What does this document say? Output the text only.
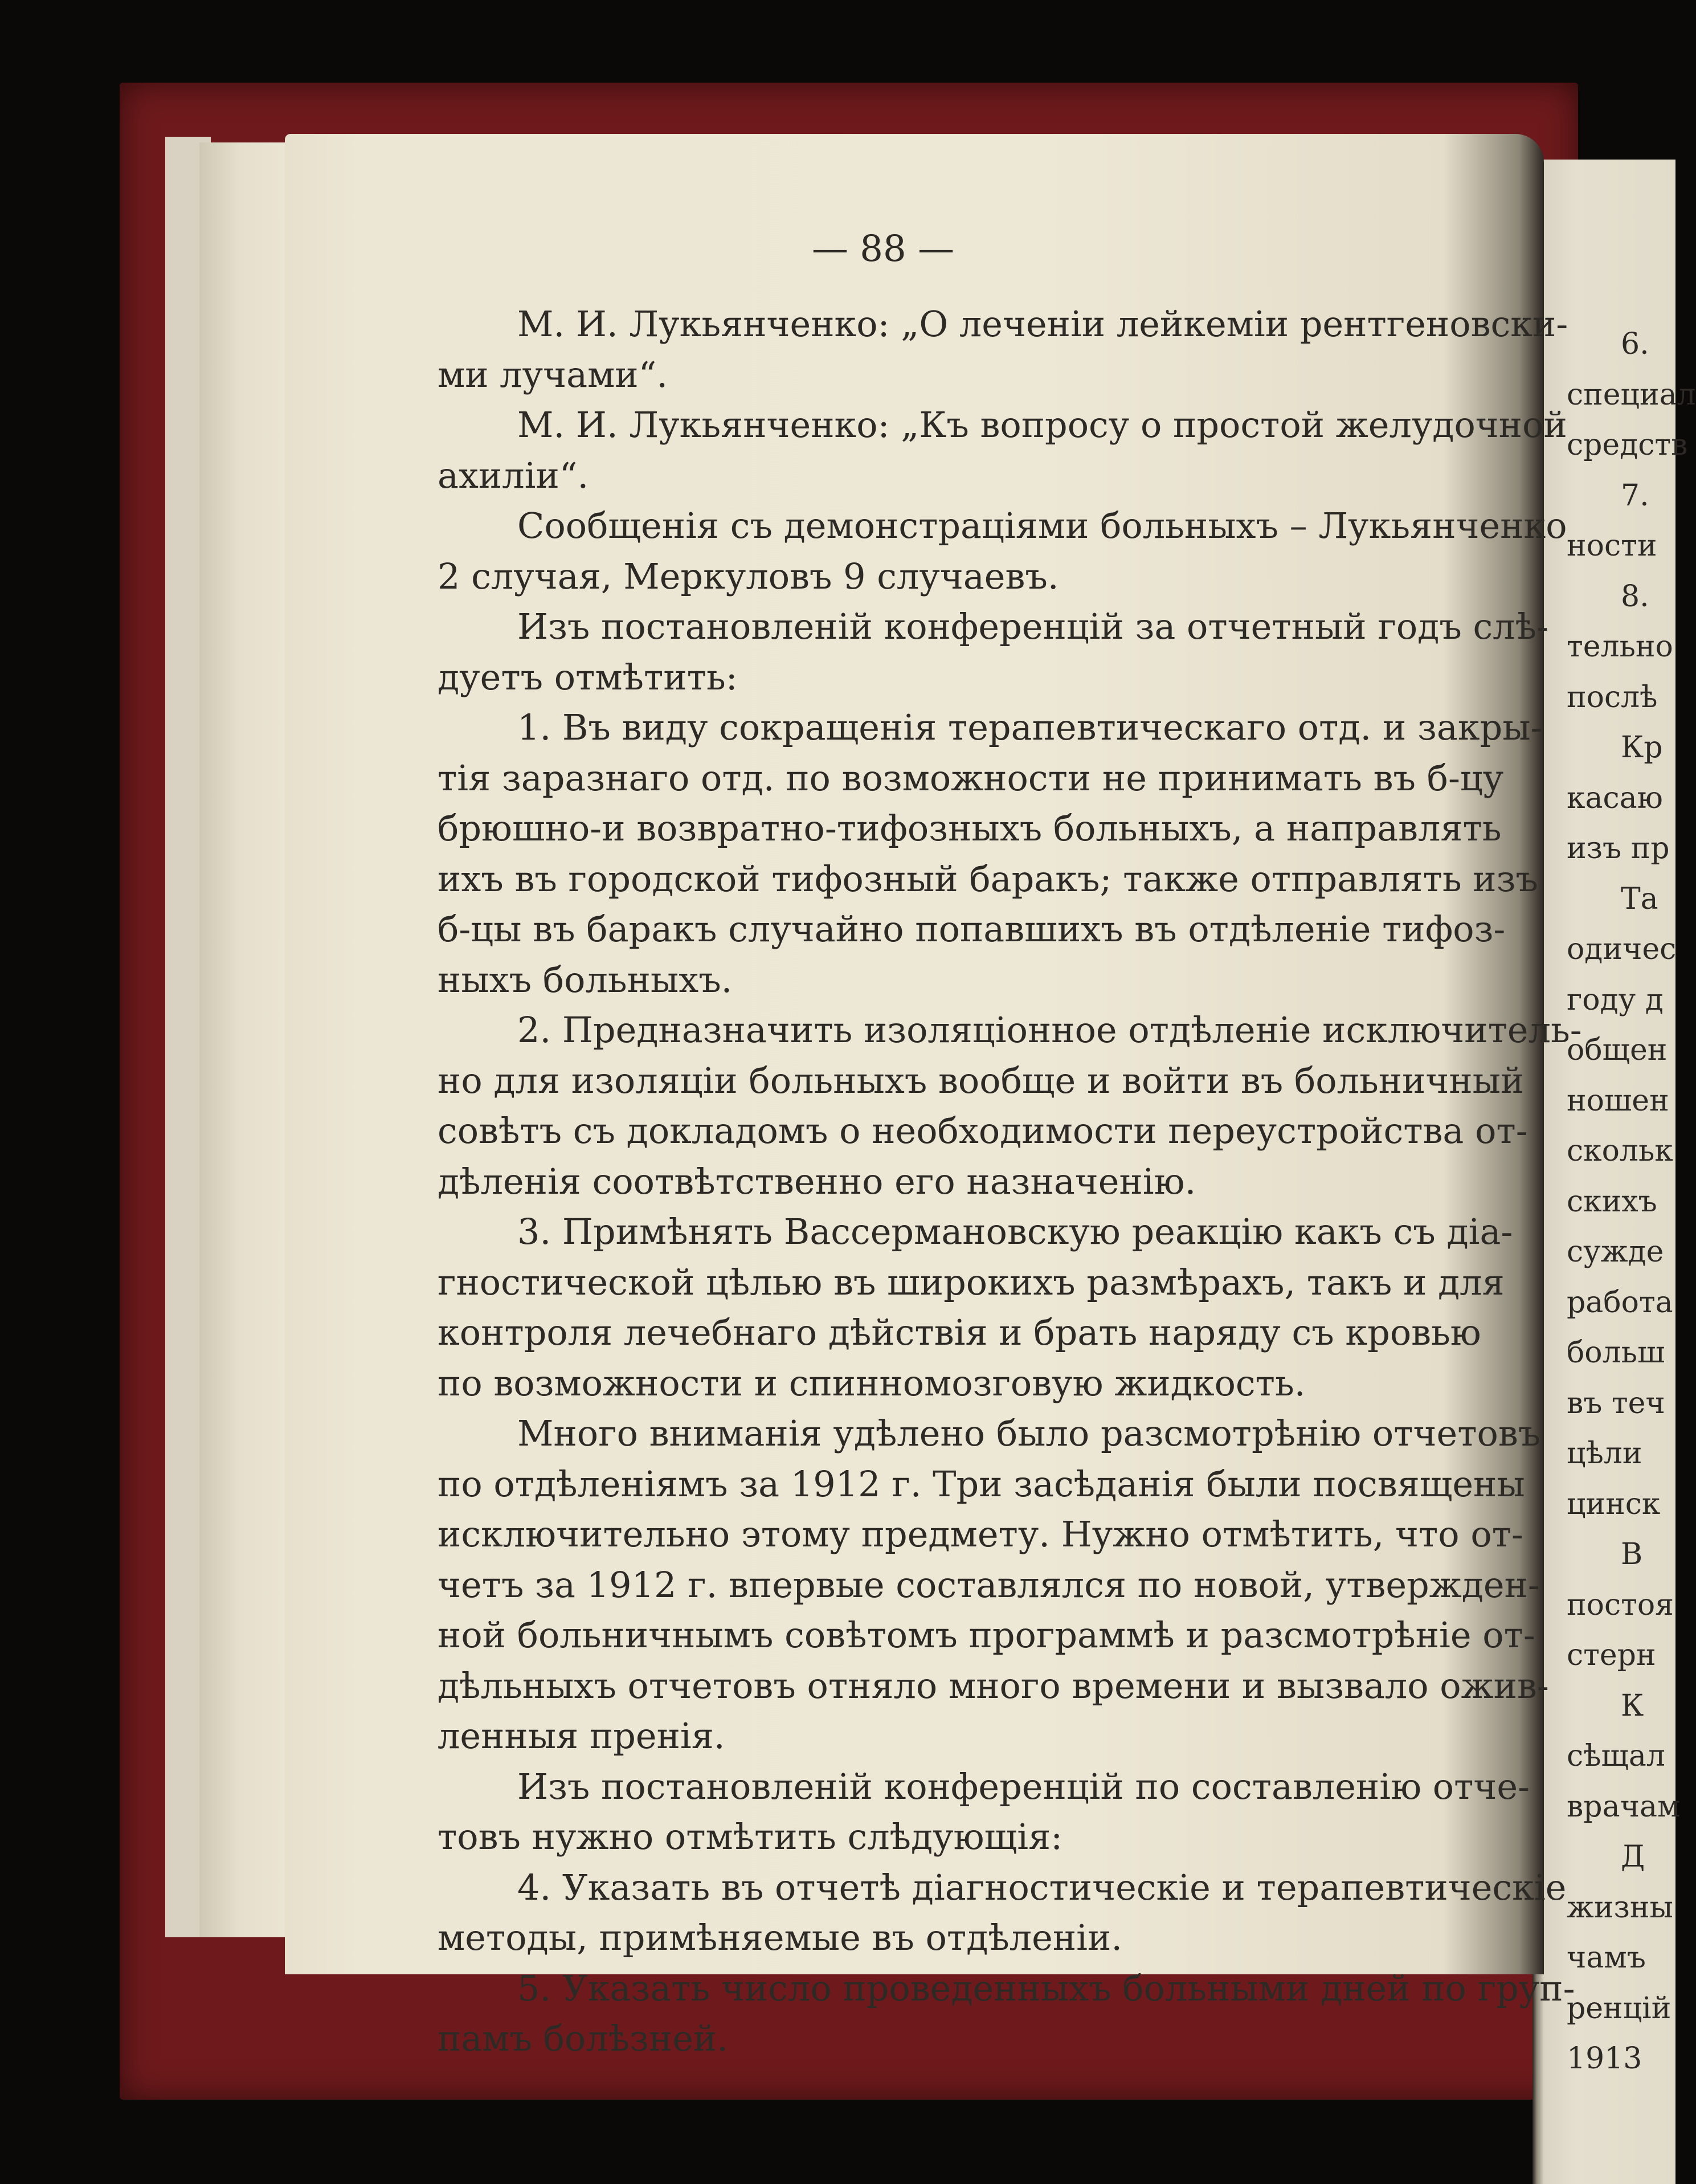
6.
специал
средств
7.
ности
8.
тельно
послѣ
Кр
касаю
изъ пр
Та
одичес
году д
общен
ношен
скольк
скихъ
сужде
работа
больш
въ теч
цѣли
цинск
В
постоя
стерн
К
сѣщал
врачам
Д
жизны
чамъ
ренцій
1913
— 88 —
М. И. Лукьянченко: „О леченіи лейкеміи рентгеновски-
ми лучами“.
М. И. Лукьянченко: „Къ вопросу о простой желудочной
ахиліи“.
Сообщенія съ демонстраціями больныхъ – Лукьянченко
2 случая, Меркуловъ 9 случаевъ.
Изъ постановленій конференцій за отчетный годъ слѣ-
дуетъ отмѣтить:
1. Въ виду сокращенія терапевтическаго отд. и закры-
тія заразнаго отд. по возможности не принимать въ б-цу
брюшно-и возвратно-тифозныхъ больныхъ, а направлять
ихъ въ городской тифозный баракъ; также отправлять изъ
б-цы въ баракъ случайно попавшихъ въ отдѣленіе тифоз-
ныхъ больныхъ.
2. Предназначить изоляціонное отдѣленіе исключитель-
но для изоляціи больныхъ вообще и войти въ больничный
совѣтъ съ докладомъ о необходимости переустройства от-
дѣленія соотвѣтственно его назначенію.
3. Примѣнять Вассермановскую реакцію какъ съ діа-
гностической цѣлью въ широкихъ размѣрахъ, такъ и для
контроля лечебнаго дѣйствія и брать наряду съ кровью
по возможности и спинномозговую жидкость.
Много вниманія удѣлено было разсмотрѣнію отчетовъ
по отдѣленіямъ за 1912 г. Три засѣданія были посвящены
исключительно этому предмету. Нужно отмѣтить, что от-
четъ за 1912 г. впервые составлялся по новой, утвержден-
ной больничнымъ совѣтомъ программѣ и разсмотрѣніе от-
дѣльныхъ отчетовъ отняло много времени и вызвало ожив-
ленныя пренія.
Изъ постановленій конференцій по составленію отче-
товъ нужно отмѣтить слѣдующія:
4. Указать въ отчетѣ діагностическіе и терапевтическіе
методы, примѣняемые въ отдѣленіи.
5. Указать число проведенныхъ больными дней по груп-
памъ болѣзней.
